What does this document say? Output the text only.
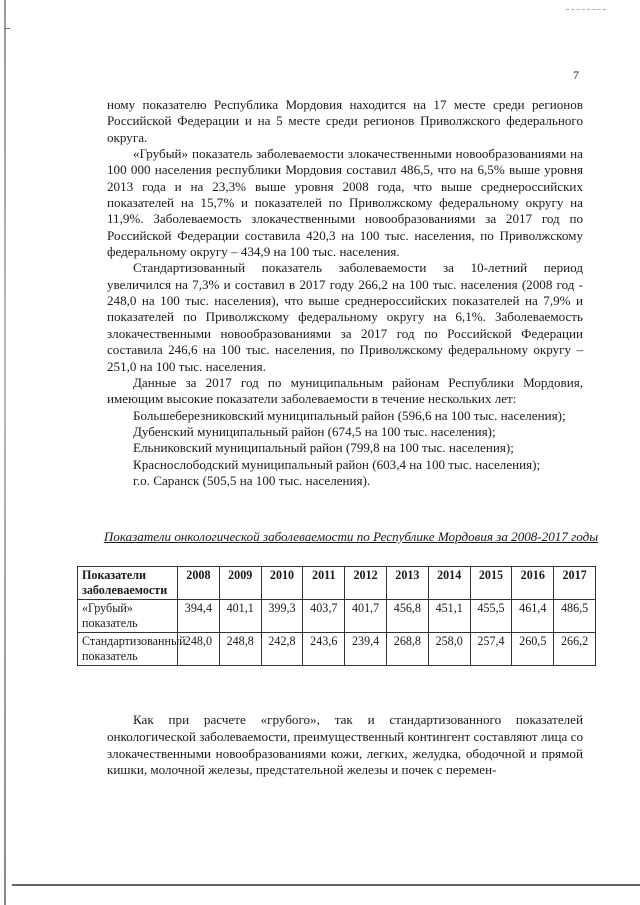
7

ному показателю Республика Мордовия находится на 17 месте среди регионов Российской Федерации и на 5 месте среди регионов Приволжского федерального округа.

«Грубый» показатель заболеваемости злокачественными новообразованиями на 100 000 населения республики Мордовия составил 486,5, что на 6,5% выше уровня 2013 года и на 23,3% выше уровня 2008 года, что выше среднероссийских показателей на 15,7% и показателей по Приволжскому федеральному округу на 11,9%. Заболеваемость злокачественными новообразованиями за 2017 год по Российской Федерации составила 420,3 на 100 тыс. населения, по Приволжскому федеральному округу – 434,9 на 100 тыс. населения.

Стандартизованный показатель заболеваемости за 10-летний период увеличился на 7,3% и составил в 2017 году 266,2 на 100 тыс. населения (2008 год - 248,0 на 100 тыс. населения), что выше среднероссийских показателей на 7,9% и показателей по Приволжскому федеральному округу на 6,1%. Заболеваемость злокачественными новообразованиями за 2017 год по Российской Федерации составила 246,6 на 100 тыс. населения, по Приволжскому федеральному округу – 251,0 на 100 тыс. населения.

Данные за 2017 год по муниципальным районам Республики Мордовия, имеющим высокие показатели заболеваемости в течение нескольких лет:

Большеберезниковский муниципальный район (596,6 на 100 тыс. населения);

Дубенский муниципальный район (674,5 на 100 тыс. населения);

Ельниковский муниципальный район (799,8 на 100 тыс. населения);

Краснослободский муниципальный район (603,4 на 100 тыс. населения);

г.о. Саранск (505,5 на 100 тыс. населения).

Показатели онкологической заболеваемости по Республике Мордовия за 2008-2017 годы
Показатели заболеваемости	2008	2009	2010	2011	2012	2013	2014	2015	2016	2017
«Грубый» показатель	394,4	401,1	399,3	403,7	401,7	456,8	451,1	455,5	461,4	486,5
Стандартизованный показатель	248,0	248,8	242,8	243,6	239,4	268,8	258,0	257,4	260,5	266,2

Как при расчете «грубого», так и стандартизованного показателей онкологической заболеваемости, преимущественный контингент составляют лица со злокачественными новообразованиями кожи, легких, желудка, ободочной и прямой кишки, молочной железы, предстательной железы и почек с перемен-
